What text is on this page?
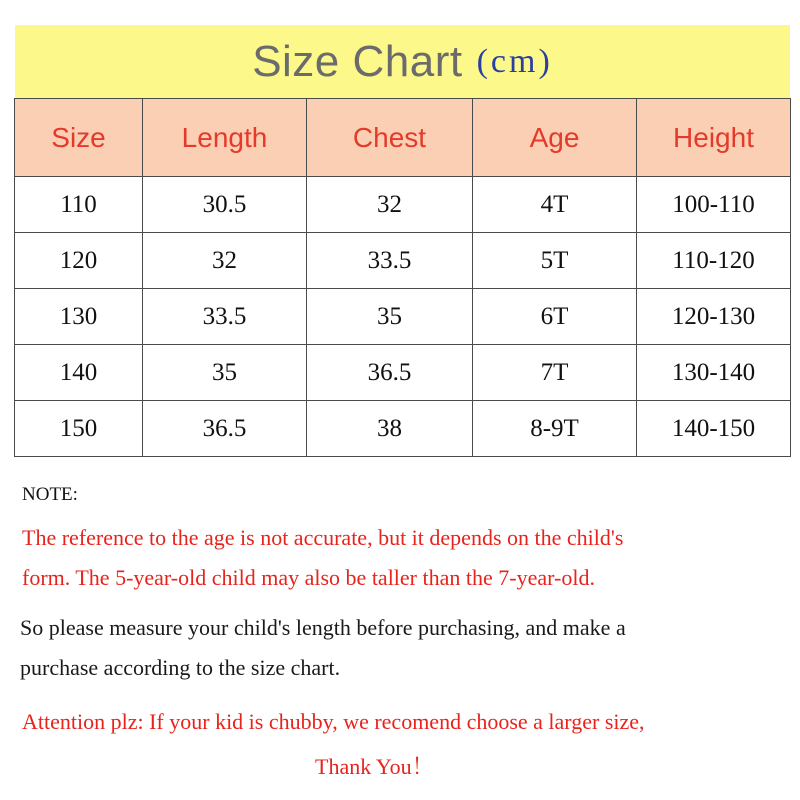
Size Chart (cm)
Size	Length	Chest	Age	Height
110	30.5	32	4T	100-110
120	32	33.5	5T	110-120
130	33.5	35	6T	120-130
140	35	36.5	7T	130-140
150	36.5	38	8-9T	140-150
NOTE:
The reference to the age is not accurate, but it depends on the child's
form. The 5-year-old child may also be taller than the 7-year-old.
So please measure your child's length before purchasing, and make a
purchase according to the size chart.
Attention plz: If your kid is chubby, we recomend choose a larger size,
Thank You！
